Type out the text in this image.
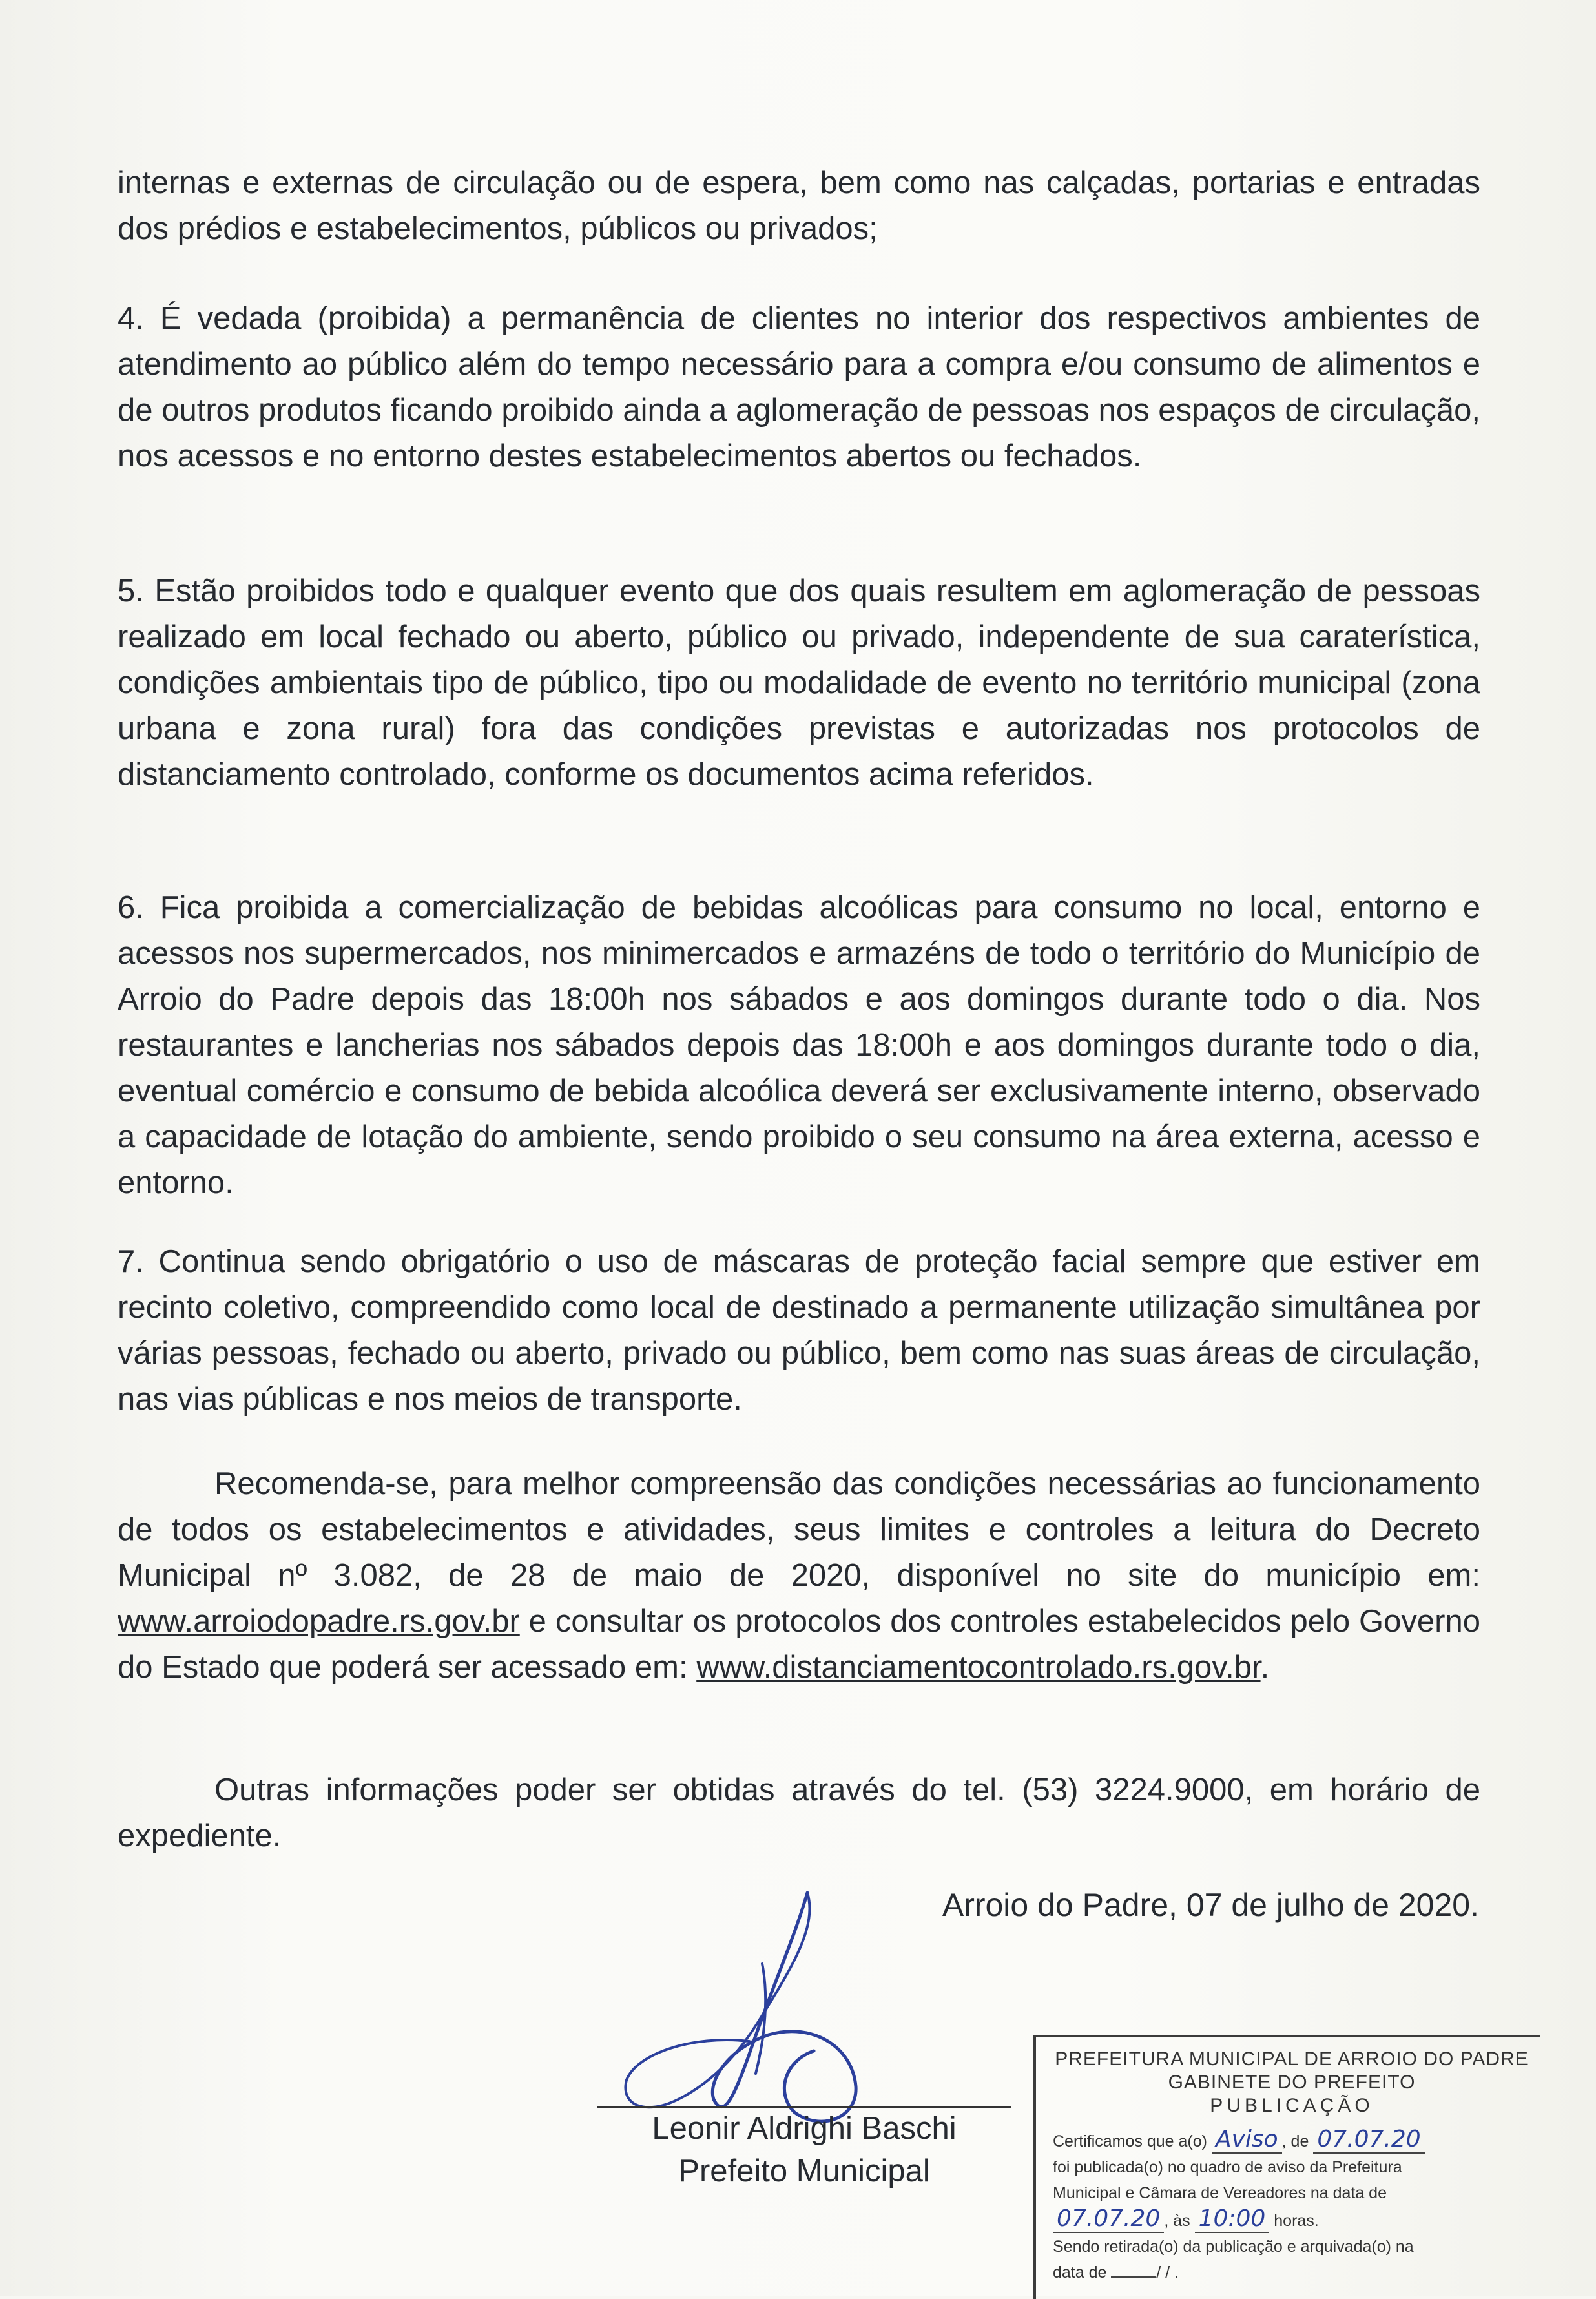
internas e externas de circulação ou de espera, bem como nas calçadas, portarias e entradas dos prédios e estabelecimentos, públicos ou privados;

4. É vedada (proibida) a permanência de clientes no interior dos respectivos ambientes de atendimento ao público além do tempo necessário para a compra e/ou consumo de alimentos e de outros produtos ficando proibido ainda a aglomeração de pessoas nos espaços de circulação, nos acessos e no entorno destes estabelecimentos abertos ou fechados.

5. Estão proibidos todo e qualquer evento que dos quais resultem em aglomeração de pessoas realizado em local fechado ou aberto, público ou privado, independente de sua caraterística, condições ambientais tipo de público, tipo ou modalidade de evento no território municipal (zona urbana e zona rural) fora das condições previstas e autorizadas nos protocolos de distanciamento controlado, conforme os documentos acima referidos.

6. Fica proibida a comercialização de bebidas alcoólicas para consumo no local, entorno e acessos nos supermercados, nos minimercados e armazéns de todo o território do Município de Arroio do Padre depois das 18:00h nos sábados e aos domingos durante todo o dia. Nos restaurantes e lancherias nos sábados depois das 18:00h e aos domingos durante todo o dia, eventual comércio e consumo de bebida alcoólica deverá ser exclusivamente interno, observado a capacidade de lotação do ambiente, sendo proibido o seu consumo na área externa, acesso e entorno.

7. Continua sendo obrigatório o uso de máscaras de proteção facial sempre que estiver em recinto coletivo, compreendido como local de destinado a permanente utilização simultânea por várias pessoas, fechado ou aberto, privado ou público, bem como nas suas áreas de circulação, nas vias públicas e nos meios de transporte.

Recomenda-se, para melhor compreensão das condições necessárias ao funcionamento de todos os estabelecimentos e atividades, seus limites e controles a leitura do Decreto Municipal nº 3.082, de 28 de maio de 2020, disponível no site do município em: www.arroiodopadre.rs.gov.br e consultar os protocolos dos controles estabelecidos pelo Governo do Estado que poderá ser acessado em: www.distanciamentocontrolado.rs.gov.br.

Outras informações poder ser obtidas através do tel. (53) 3224.9000, em horário de expediente.

Arroio do Padre, 07 de julho de 2020.
Leonir Aldrighi Baschi
Prefeito Municipal
PREFEITURA MUNICIPAL DE ARROIO DO PADRE
GABINETE DO PREFEITO
PUBLICAÇÃO
Certificamos que a(o) Aviso , de 07.07.20
foi publicada(o) no quadro de aviso da Prefeitura
Municipal e Câmara de Vereadores na data de
07.07.20 , às 10:00 horas.
Sendo retirada(o) da publicação e arquivada(o) na
data de	/ / .
